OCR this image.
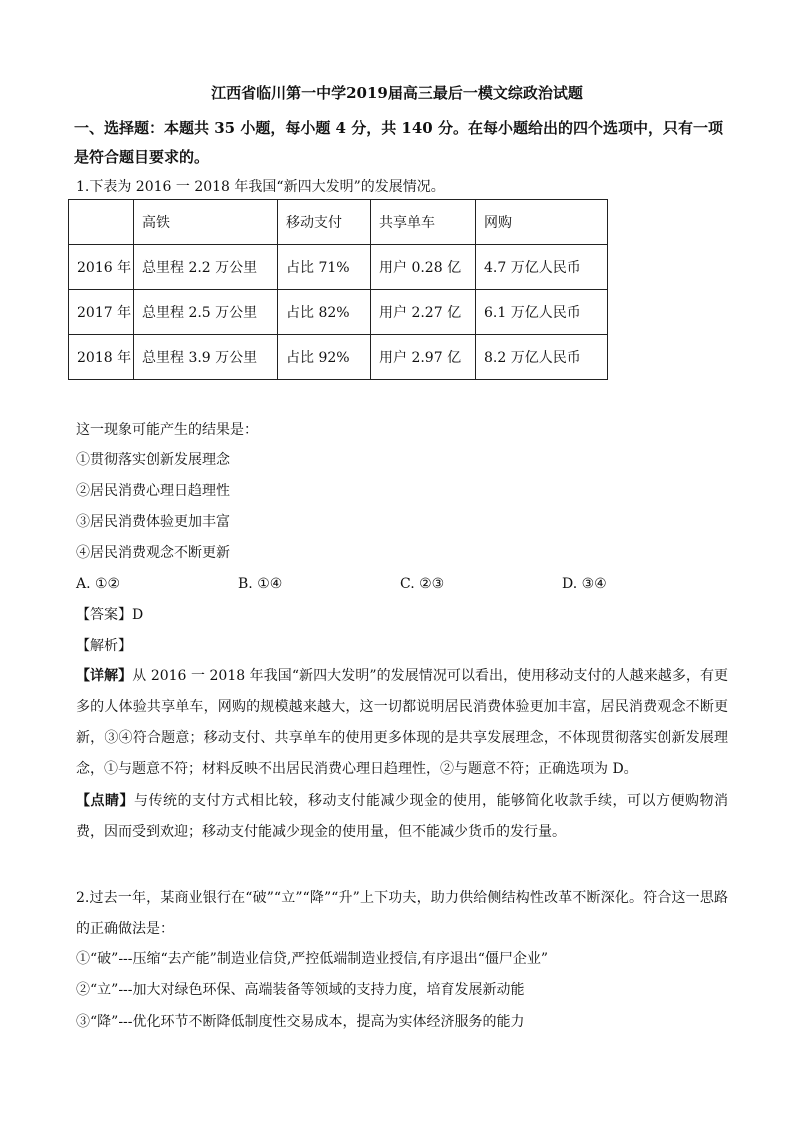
江西省临川第一中学2019届高三最后一模文综政治试题
一、选择题：本题共 35 小题，每小题 4 分，共 140 分。在每小题给出的四个选项中，只有一项是符合题目要求的。
1.下表为 2016 一 2018 年我国“新四大发明”的发展情况。
	高铁	移动支付	共享单车	网购
2016 年	总里程 2.2 万公里	占比 71%	用户 0.28 亿	4.7 万亿人民币
2017 年	总里程 2.5 万公里	占比 82%	用户 2.27 亿	6.1 万亿人民币
2018 年	总里程 3.9 万公里	占比 92%	用户 2.97 亿	8.2 万亿人民币
这一现象可能产生的结果是：
①贯彻落实创新发展理念
②居民消费心理日趋理性
③居民消费体验更加丰富
④居民消费观念不断更新
A. ①②	B. ①④	C. ②③	D. ③④
【答案】D
【解析】
【详解】从 2016 一 2018 年我国“新四大发明”的发展情况可以看出，使用移动支付的人越来越多，有更多的人体验共享单车，网购的规模越来越大，这一切都说明居民消费体验更加丰富，居民消费观念不断更新，③④符合题意；移动支付、共享单车的使用更多体现的是共享发展理念，不体现贯彻落实创新发展理念，①与题意不符；材料反映不出居民消费心理日趋理性，②与题意不符；正确选项为 D。
【点睛】与传统的支付方式相比较，移动支付能减少现金的使用，能够简化收款手续，可以方便购物消费，因而受到欢迎；移动支付能减少现金的使用量，但不能减少货币的发行量。
2.过去一年，某商业银行在“破”“立”“降”“升”上下功夫，助力供给侧结构性改革不断深化。符合这一思路的正确做法是：
①“破”---压缩“去产能”制造业信贷,严控低端制造业授信,有序退出“僵尸企业”
②“立”---加大对绿色环保、高端装备等领域的支持力度，培育发展新动能
③“降”---优化环节不断降低制度性交易成本，提高为实体经济服务的能力
